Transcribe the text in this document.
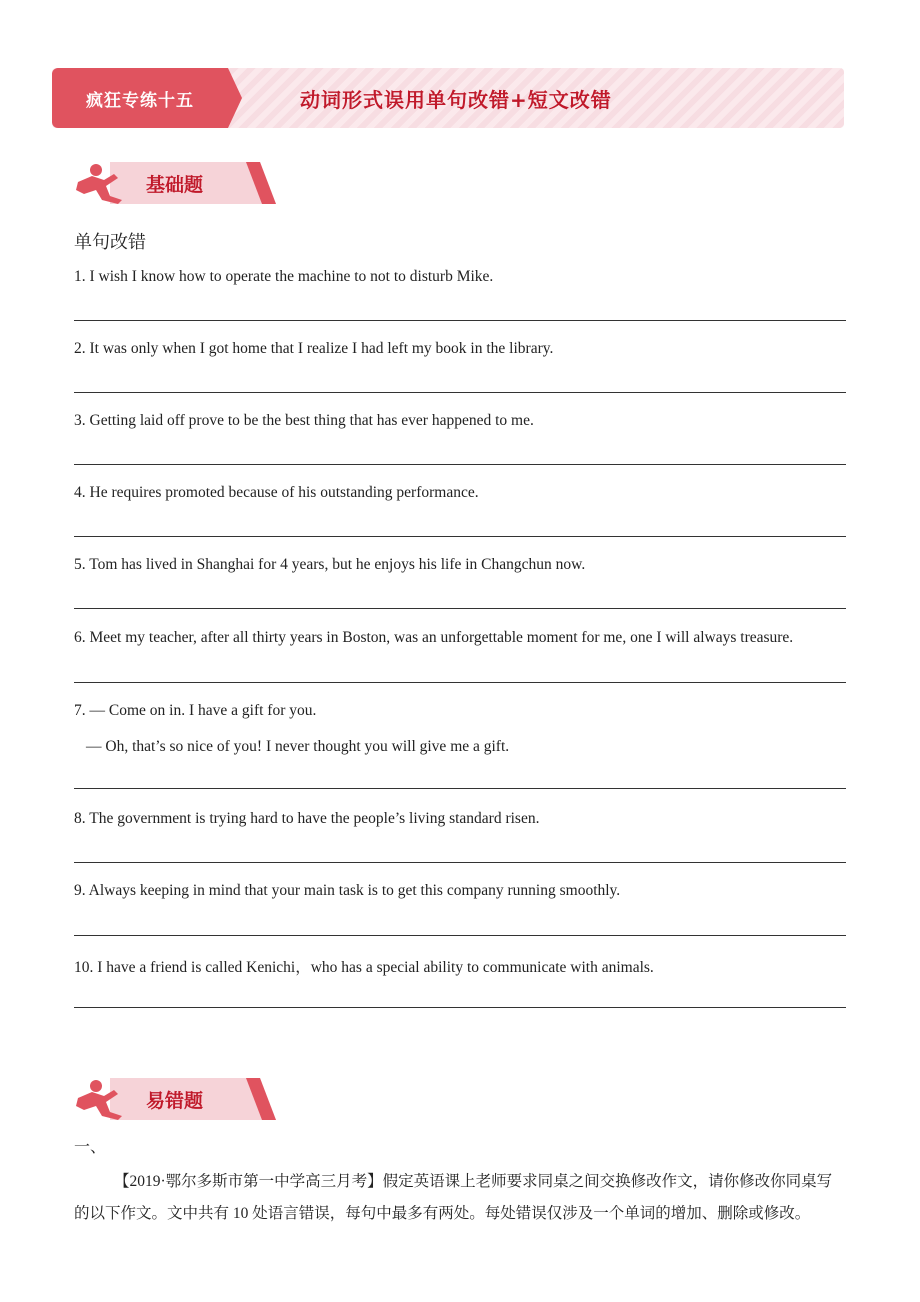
疯狂专练十五	动词形式误用单句改错+短文改错
基础题
单句改错
1. I wish I know how to operate the machine to not to disturb Mike.
2. It was only when I got home that I realize I had left my book in the library.
3. Getting laid off prove to be the best thing that has ever happened to me.
4. He requires promoted because of his outstanding performance.
5. Tom has lived in Shanghai for 4 years, but he enjoys his life in Changchun now.
6. Meet my teacher, after all thirty years in Boston, was an unforgettable moment for me, one I will always treasure.
7. — Come on in. I have a gift for you.
— Oh, that’s so nice of you! I never thought you will give me a gift.
8. The government is trying hard to have the people’s living standard risen.
9. Always keeping in mind that your main task is to get this company running smoothly.
10. I have a friend is called Kenichi，who has a special ability to communicate with animals.
易错题
一、
【2019·鄂尔多斯市第一中学高三月考】假定英语课上老师要求同桌之间交换修改作文，请你修改你同桌写的以下作文。文中共有 10 处语言错误，每句中最多有两处。每处错误仅涉及一个单词的增加、删除或修改。
